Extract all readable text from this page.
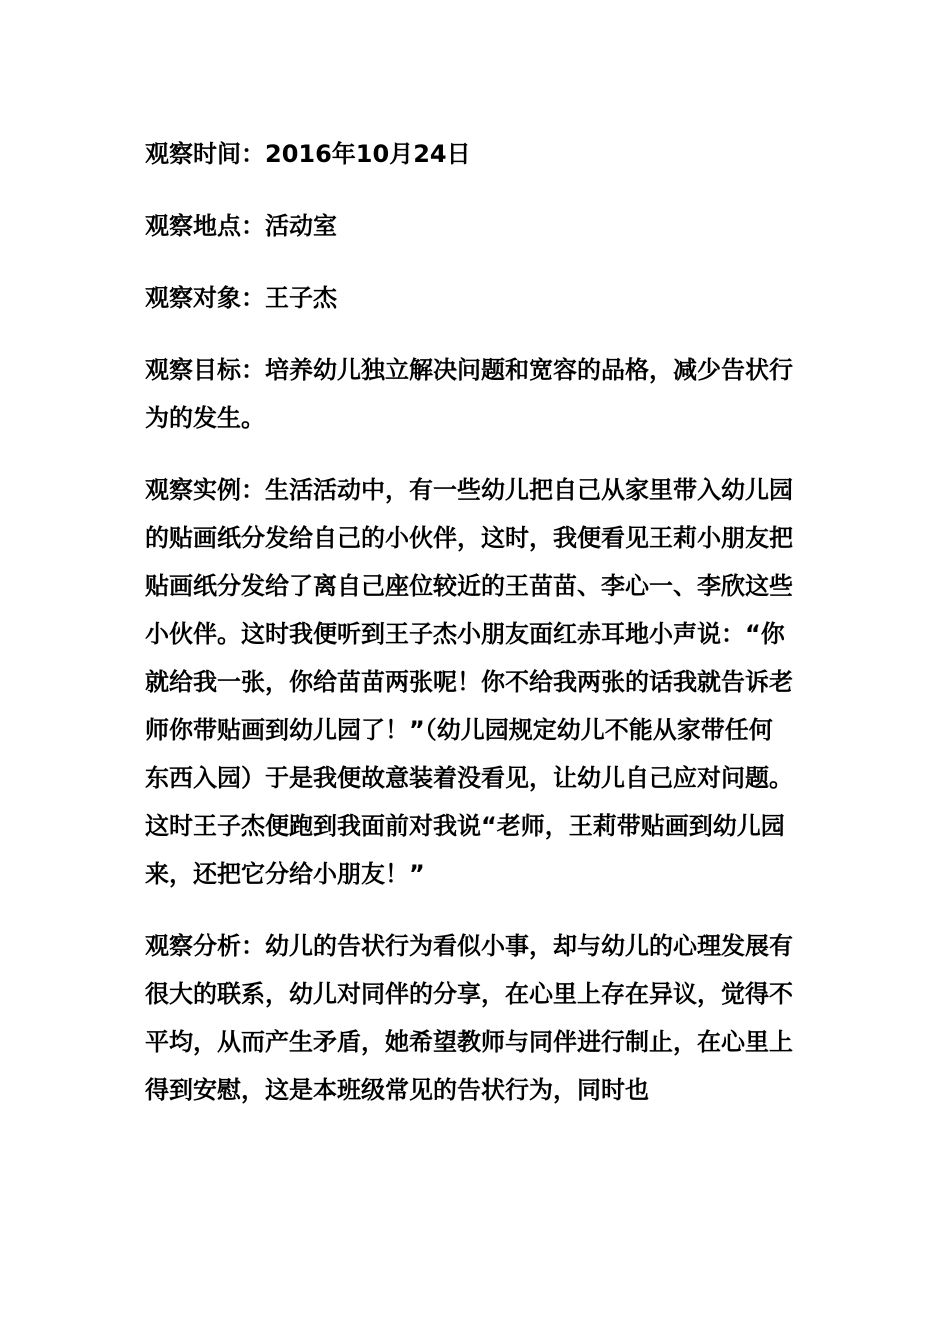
观察时间：2016年10月24日

观察地点：活动室

观察对象：王子杰

观察目标：培养幼儿独立解决问题和宽容的品格，减少告状行为的发生。

观察实例：生活活动中，有一些幼儿把自己从家里带入幼儿园的贴画纸分发给自己的小伙伴，这时，我便看见王莉小朋友把贴画纸分发给了离自己座位较近的王苗苗、李心一、李欣这些小伙伴。这时我便听到王子杰小朋友面红赤耳地小声说：“你就给我一张，你给苗苗两张呢！你不给我两张的话我就告诉老师你带贴画到幼儿园了！”（幼儿园规定幼儿不能从家带任何东西入园）于是我便故意装着没看见，让幼儿自己应对问题。这时王子杰便跑到我面前对我说“老师，王莉带贴画到幼儿园来，还把它分给小朋友！”

观察分析：幼儿的告状行为看似小事，却与幼儿的心理发展有很大的联系，幼儿对同伴的分享，在心里上存在异议，觉得不平均，从而产生矛盾，她希望教师与同伴进行制止，在心里上得到安慰，这是本班级常见的告状行为，同时也
